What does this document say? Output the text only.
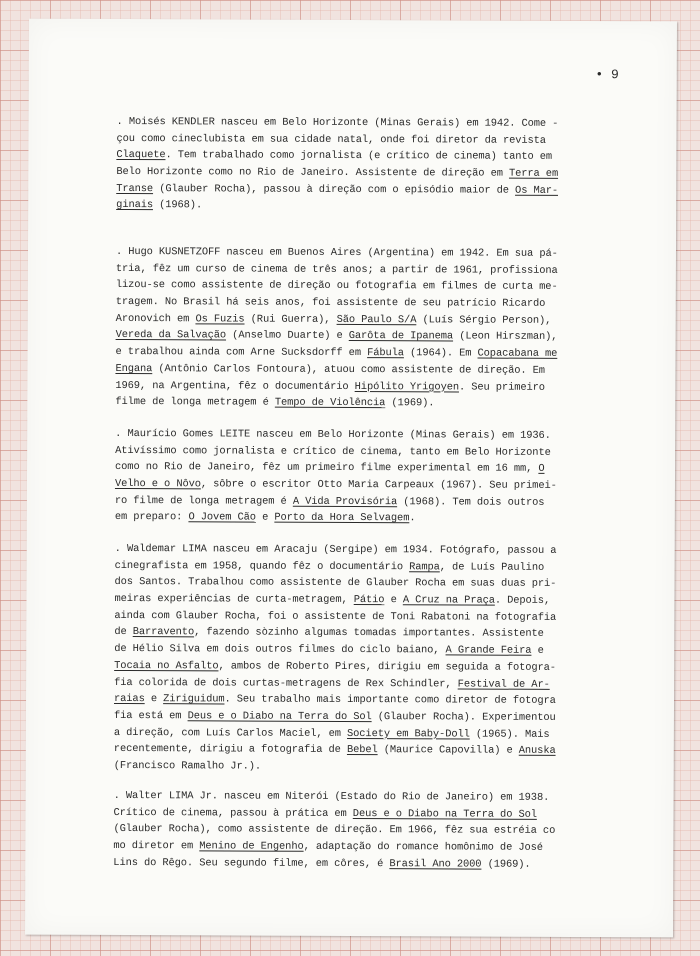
• 9
. Moisés KENDLER nasceu em Belo Horizonte (Minas Gerais) em 1942. Come -
çou como cineclubista em sua cidade natal, onde foi diretor da revista
Claquete. Tem trabalhado como jornalista (e crítico de cinema) tanto em
Belo Horizonte como no Rio de Janeiro. Assistente de direção em Terra em
Transe (Glauber Rocha), passou à direção com o episódio maior de Os Mar-
ginais (1968).
. Hugo KUSNETZOFF nasceu em Buenos Aires (Argentina) em 1942. Em sua pá-
tria, fêz um curso de cinema de três anos; a partir de 1961, profissiona
lizou-se como assistente de direção ou fotografia em filmes de curta me-
tragem. No Brasil há seis anos, foi assistente de seu patrício Ricardo
Aronovich em Os Fuzis (Rui Guerra), São Paulo S/A (Luís Sérgio Person),
Vereda da Salvação (Anselmo Duarte) e Garôta de Ipanema (Leon Hirszman),
e trabalhou ainda com Arne Sucksdorff em Fábula (1964). Em Copacabana me
Engana (Antônio Carlos Fontoura), atuou como assistente de direção. Em
1969, na Argentina, fêz o documentário Hipólito Yrigoyen. Seu primeiro
filme de longa metragem é Tempo de Violência (1969).
. Maurício Gomes LEITE nasceu em Belo Horizonte (Minas Gerais) em 1936.
Ativíssimo como jornalista e crítico de cinema, tanto em Belo Horizonte
como no Rio de Janeiro, fêz um primeiro filme experimental em 16 mm, O
Velho e o Nôvo, sôbre o escritor Otto Maria Carpeaux (1967). Seu primei-
ro filme de longa metragem é A Vida Provisória (1968). Tem dois outros
em preparo: O Jovem Cão e Porto da Hora Selvagem.
. Waldemar LIMA nasceu em Aracaju (Sergipe) em 1934. Fotógrafo, passou a
cinegrafista em 1958, quando fêz o documentário Rampa, de Luís Paulino
dos Santos. Trabalhou como assistente de Glauber Rocha em suas duas pri-
meiras experiências de curta-metragem, Pátio e A Cruz na Praça. Depois,
ainda com Glauber Rocha, foi o assistente de Toni Rabatoni na fotografia
de Barravento, fazendo sòzinho algumas tomadas importantes. Assistente
de Hélio Silva em dois outros filmes do ciclo baiano, A Grande Feira e
Tocaia no Asfalto, ambos de Roberto Pires, dirigiu em seguida a fotogra-
fia colorida de dois curtas-metragens de Rex Schindler, Festival de Ar-
raias e Ziriguidum. Seu trabalho mais importante como diretor de fotogra
fia está em Deus e o Diabo na Terra do Sol (Glauber Rocha). Experimentou
a direção, com Luís Carlos Maciel, em Society em Baby-Doll (1965). Mais
recentemente, dirigiu a fotografia de Bebel (Maurice Capovilla) e Anuska
(Francisco Ramalho Jr.).
. Walter LIMA Jr. nasceu em Niterói (Estado do Rio de Janeiro) em 1938.
Crítico de cinema, passou à prática em Deus e o Diabo na Terra do Sol
(Glauber Rocha), como assistente de direção. Em 1966, fêz sua estréia co
mo diretor em Menino de Engenho, adaptação do romance homônimo de José
Lins do Rêgo. Seu segundo filme, em côres, é Brasil Ano 2000 (1969).
